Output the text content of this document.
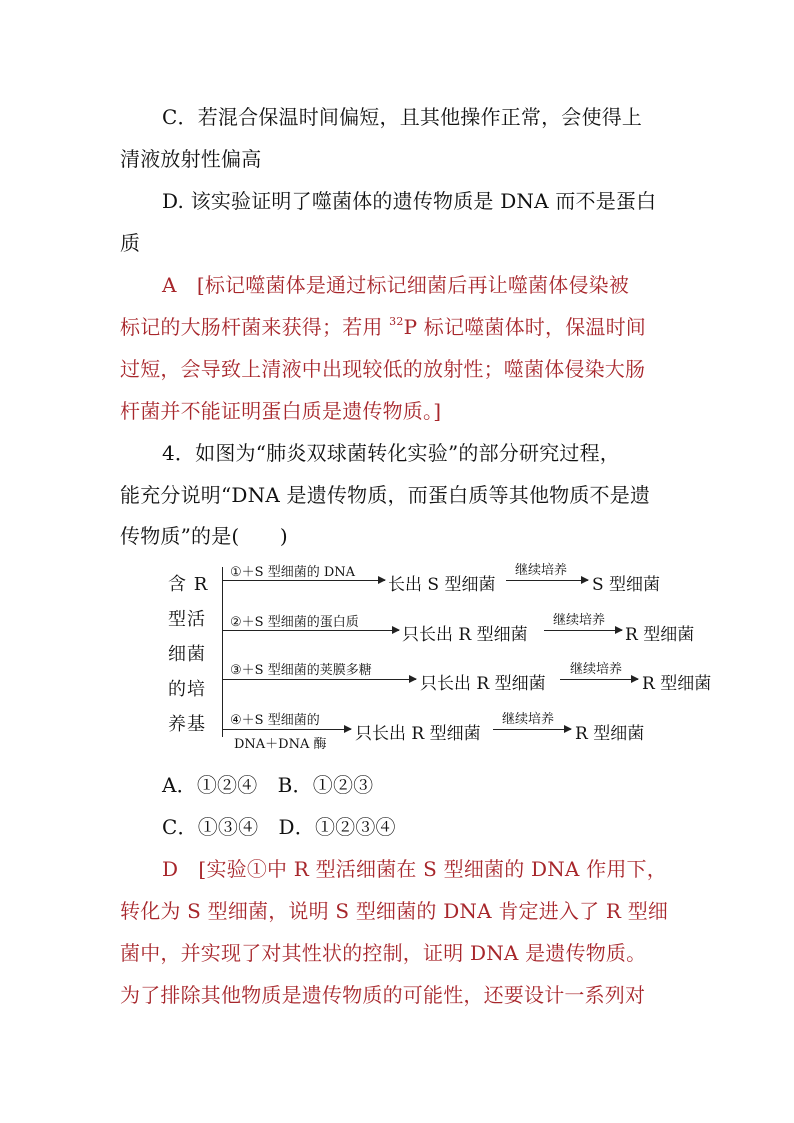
C．若混合保温时间偏短，且其他操作正常，会使得上
清液放射性偏高
D. 该实验证明了噬菌体的遗传物质是 DNA 而不是蛋白
质
A　[标记噬菌体是通过标记细菌后再让噬菌体侵染被
标记的大肠杆菌来获得；若用 $^{32}$P 标记噬菌体时，保温时间
过短，会导致上清液中出现较低的放射性；噬菌体侵染大肠
杆菌并不能证明蛋白质是遗传物质。]
4．如图为“肺炎双球菌转化实验”的部分研究过程，
能充分说明“DNA 是遗传物质，而蛋白质等其他物质不是遗
传物质”的是(　　)
含 R
型活
细菌
的培
养基
①＋S 型细菌的 DNA
长出 S 型细菌
继续培养
S 型细菌
②＋S 型细菌的蛋白质
只长出 R 型细菌
继续培养
R 型细菌
③＋S 型细菌的荚膜多糖
只长出 R 型细菌
继续培养
R 型细菌
④＋S 型细菌的
DNA＋DNA 酶
只长出 R 型细菌
继续培养
R 型细菌
A．①②④　B．①②③
C．①③④　D．①②③④
D　[实验①中 R 型活细菌在 S 型细菌的 DNA 作用下，
转化为 S 型细菌，说明 S 型细菌的 DNA 肯定进入了 R 型细
菌中，并实现了对其性状的控制，证明 DNA 是遗传物质。
为了排除其他物质是遗传物质的可能性，还要设计一系列对
